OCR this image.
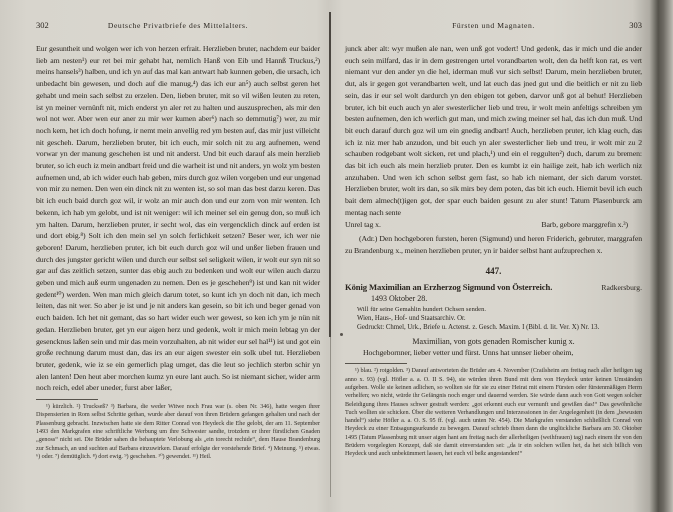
302	Deutsche Privatbriefe des Mittelalters.
Eur gesuntheit und wolgen wer ich von herzen erfrait. Herzlieben bruter, nachdem eur baider lieb am nesten¹) eur ret bei mir gehabt hat, nemlich Hanß von Eib und Hannß Truckus,²) meins hansels³) halben, und ich yn auf das mal kan antwart hab kunnen geben, die ursach, ich unbedacht bin gewesen, und doch auf die manug,⁴) das ich eur an⁵) auch selbst geren het gehabt und mein sach selbst zu erzelen. Den, lieben bruter, mit so vil wißen leuten zu reten, ist yn meiner vernünft nit, mich enderst yn aler ret zu halten und auszusprechen, als mir den wol not wer. Aber wen eur aner zu mir wer kumen aber⁶) nach so demmutig⁷) wer, zu mir noch kem, het ich doch hofung, ir nemt mein anvellig red ym besten auf, das mir just villeicht nit gescheh. Darum, herzlieben bruter, bit ich euch, mir solch nit zu arg aufnemen, wend vorwar yn der manung geschehen ist und nit anderst. Und bit euch darauf als mein herzlieb bruter, so ich euch iz mein andbart freid und die warheit ist und nit anders, yn wolz ym besten aufnemen und, ab ich wider euch hab geben, mirs durch goz wilen vorgeben und eur ungenad von mir zu nemen. Den wen ein dinck nit zu wenten ist, so sol man das best darzu keren. Das bit ich euch baid durch goz wil, ir wolz an mir auch don und eur zorn von mir wenten. Ich bekenn, ich hab ym gelobt, und ist nit weniger: wil ich meiner sel ein genug don, so muß ich ym halten. Darum, herzlieben pruter, ir secht wol, das ein vergencklich dinck auf erden ist und dort ebig.⁸) Solt ich den mein sel yn solch ferlichkeit setzen? Beser wer, ich wer nie geboren! Darum, herzlieben pruter, ich bit euch durch goz wil und unßer lieben frauen und durch des jungster gericht wilen und durch eur selbst sel seligkeit wilen, ir wolt eur syn nit so gar auf das zeitlich setzen, sunter das ebig auch zu bedenken und wolt eur wilen auch darzu geben und mich auß eurm ungenaden zu nemen. Den es je geschehen⁹) ist und kan nit wider gedent¹⁰) werden. Wen man mich gleich darum totet, so kunt ich yn doch nit dan, ich mech leiten, das nit wer. So aber je ist und je nit anders kan gesein, so bit ich und beger genad von euch baiden. Ich het nit gemant, das so hart wider euch wer gewest, so ken ich ym je nün nit gedan. Herzlieben bruter, get yn eur aigen herz und gedenk, wolt ir mich mein lebtag yn der gesencknus laßen sein und mir das mein vorzuhalten, ab nit wider eur sel hal¹¹) ist und got ein große rechnung darum must dan, das irs an eur aigen swester ein solk ubel tut. Herzlieben bruter, gedenk, wie iz se ein gemerlich plag umget, das die leut so jechlich sterbn schir yn alen lanten! Den heut aber morchen kumz yn eure lant auch. So ist niemant sicher, wider arm noch reich, edel aber uneder, furst aber laßer,
¹) kürzlich. ²) Truckseß? ³) Barbara, die weder Witwe noch Frau war (s. oben Nr. 346), hatte wegen ihrer Dispensierien in Rom selbst Schritte gethan, wurde aber darauf von ihren Brüdern gefangen gehalten und nach der Plassenburg gebracht. Inzwischen hatte sie dem Ritter Conrad von Heydeck die Ehe gelobt, der am 11. September 1493 den Markgrafen eine schriftliche Werbung um ihre Schwester sandte, trotzdem er ihrer fürstlichen Gnaden „genoss“ nicht sei. Die Brüder sahen die behauptete Verlobung als „ein torecht rechide“, dem Hause Brandenburg zur Schmach, an und suchten auf Barbara einzuwirken. Darauf erfolgte der vorstehende Brief. ⁴) Meinung. ⁵) etwas. ⁶) oder. ⁷) demütiglich. ⁸) dort ewig. ⁹) geschehen. ¹⁰) gewendet. ¹¹) Heil.
Fürsten und Magnaten.	303
junck aber alt: wyr mußen ale nan, wen unß got vodert! Und gedenk, das ir mich und die ander euch sein milfard, das ir in dem gestrengen urtel vorandbarten wolt, den da helft kon rat, es vert niemant vur den ander yn die hel, iderman muß vur sich selbst! Darum, mein herzlieben bruter, dut, als ir gegen got verandbarten welt, und lat euch das jned gut und die beitlich er nit zu lieb sein, das ir eur sel wolt dardurch yn den ebigen tot geben, darvor unß got al behut! Herzlieben bruter, ich bit euch auch yn aler swesterlicher lieb und treu, ir wolt mein anfeltigs schreiben ym besten aufnemen, den ich werlich gut man, und mich zwing meiner sel hal, das ich dun muß. Und bit euch darauf durch goz wil um ein gnedig andbart! Auch, herzlieben pruter, ich klag euch, das ich iz niz mer hab anzudon, und bit euch yn aler swesterlicher lieb und treu, ir wolt mir zu 2 schauben rodgebant wolt sicken, ret und plach,¹) und ein el reggulten²) duch, darum zu bremen: das bit ich euch als mein herzlieb pruter. Den es kumbt iz ein hailige zeit, hab ich werlich niz anzuhaben. Und wen ich schon selbst gern fast, so hab ich niemant, der sich darum vorstet. Herzlieben bruter, wolt irs dan, so sik mirs bey dem poten, das bit ich euch. Hiemit bevil ich euch bait dem almech(t)igen got, der spar euch baiden gesunt zu aler stunt! Tatum Plasenburck am mentag nach sente
Unrel tag x.	Barb, gebore marggrefin x.³)
(Adr.) Den hochgeboren fursten, heren (Sigmund) und heren Friderich, gebruter, marggrafen zu Brandenburg x., meinen herzlieben pruter, yn ir baider selbst hant aufzuprechen x.
447.
König Maximilian an Erzherzog Sigmund von Österreich.	Radkersburg.
1493 Oktober 28.
Will für seine Gemahlin hundert Ochsen senden.
Wien, Haus-, Hof- und Staatsarchiv. Or.
Gedruckt: Chmel, Urk., Briefe u. Actenst. z. Gesch. Maxim. I (Bibl. d. lit. Ver. X) Nr. 13.
Maximilian, von gots genaden Romischer kunig x.
Hochgebornner, lieber vetter und fürst. Unns hat unnser lieber oheim,
¹) blau. ²) rotgolden. ³) Darauf antworteten die Brüder am 4. November (Crailsheim am freitag nach aller heiligen tag anno x. 93) (vgl. Höfler a. a. O. II S. 94), sie würden ihren Bund mit dem von Heydeck unter keinen Umständen aufgeben. Wolle sie keinen adlichen, so wollten sie für sie zu einer Heirat mit einem Fürsten oder fürstenmäßigen Herrn verhelfen; wo nicht, würde ihr Gefängnis noch enger und dauernd werden. Sie würde dann auch von Gott wegen solcher Beleidigung ihres Hauses schwer gestraft werden: „got erkennt euch eur vernunft und gewißen das!“ Das gewöhnliche Tuch wollten sie schicken. Über die weiteren Verhandlungen und Interzessionen in der Angelegenheit (in dem „bewusten handel“) siehe Höfler a. a. O. S. 95 ff. (vgl. auch unten Nr. 454). Die Markgrafen verstanden schließlich Conrad von Heydeck zu einer Entsagungsurkunde zu bewegen. Darauf schrieb ihnen dann die unglückliche Barbara am 30. Oktober 1495 (Tatum Plassenburg mit unser aigen hant am freitag nach der allerheiligen (weihfrauen) tag) nach einem ihr von den Brüdern vorgelegten Konzept, daß sie damit einverstanden sei: „da ir ein solchen willen het, da het sich billich von Heydeck und auch unbekümmert lassen, het euch vil beßz angestanden!“
